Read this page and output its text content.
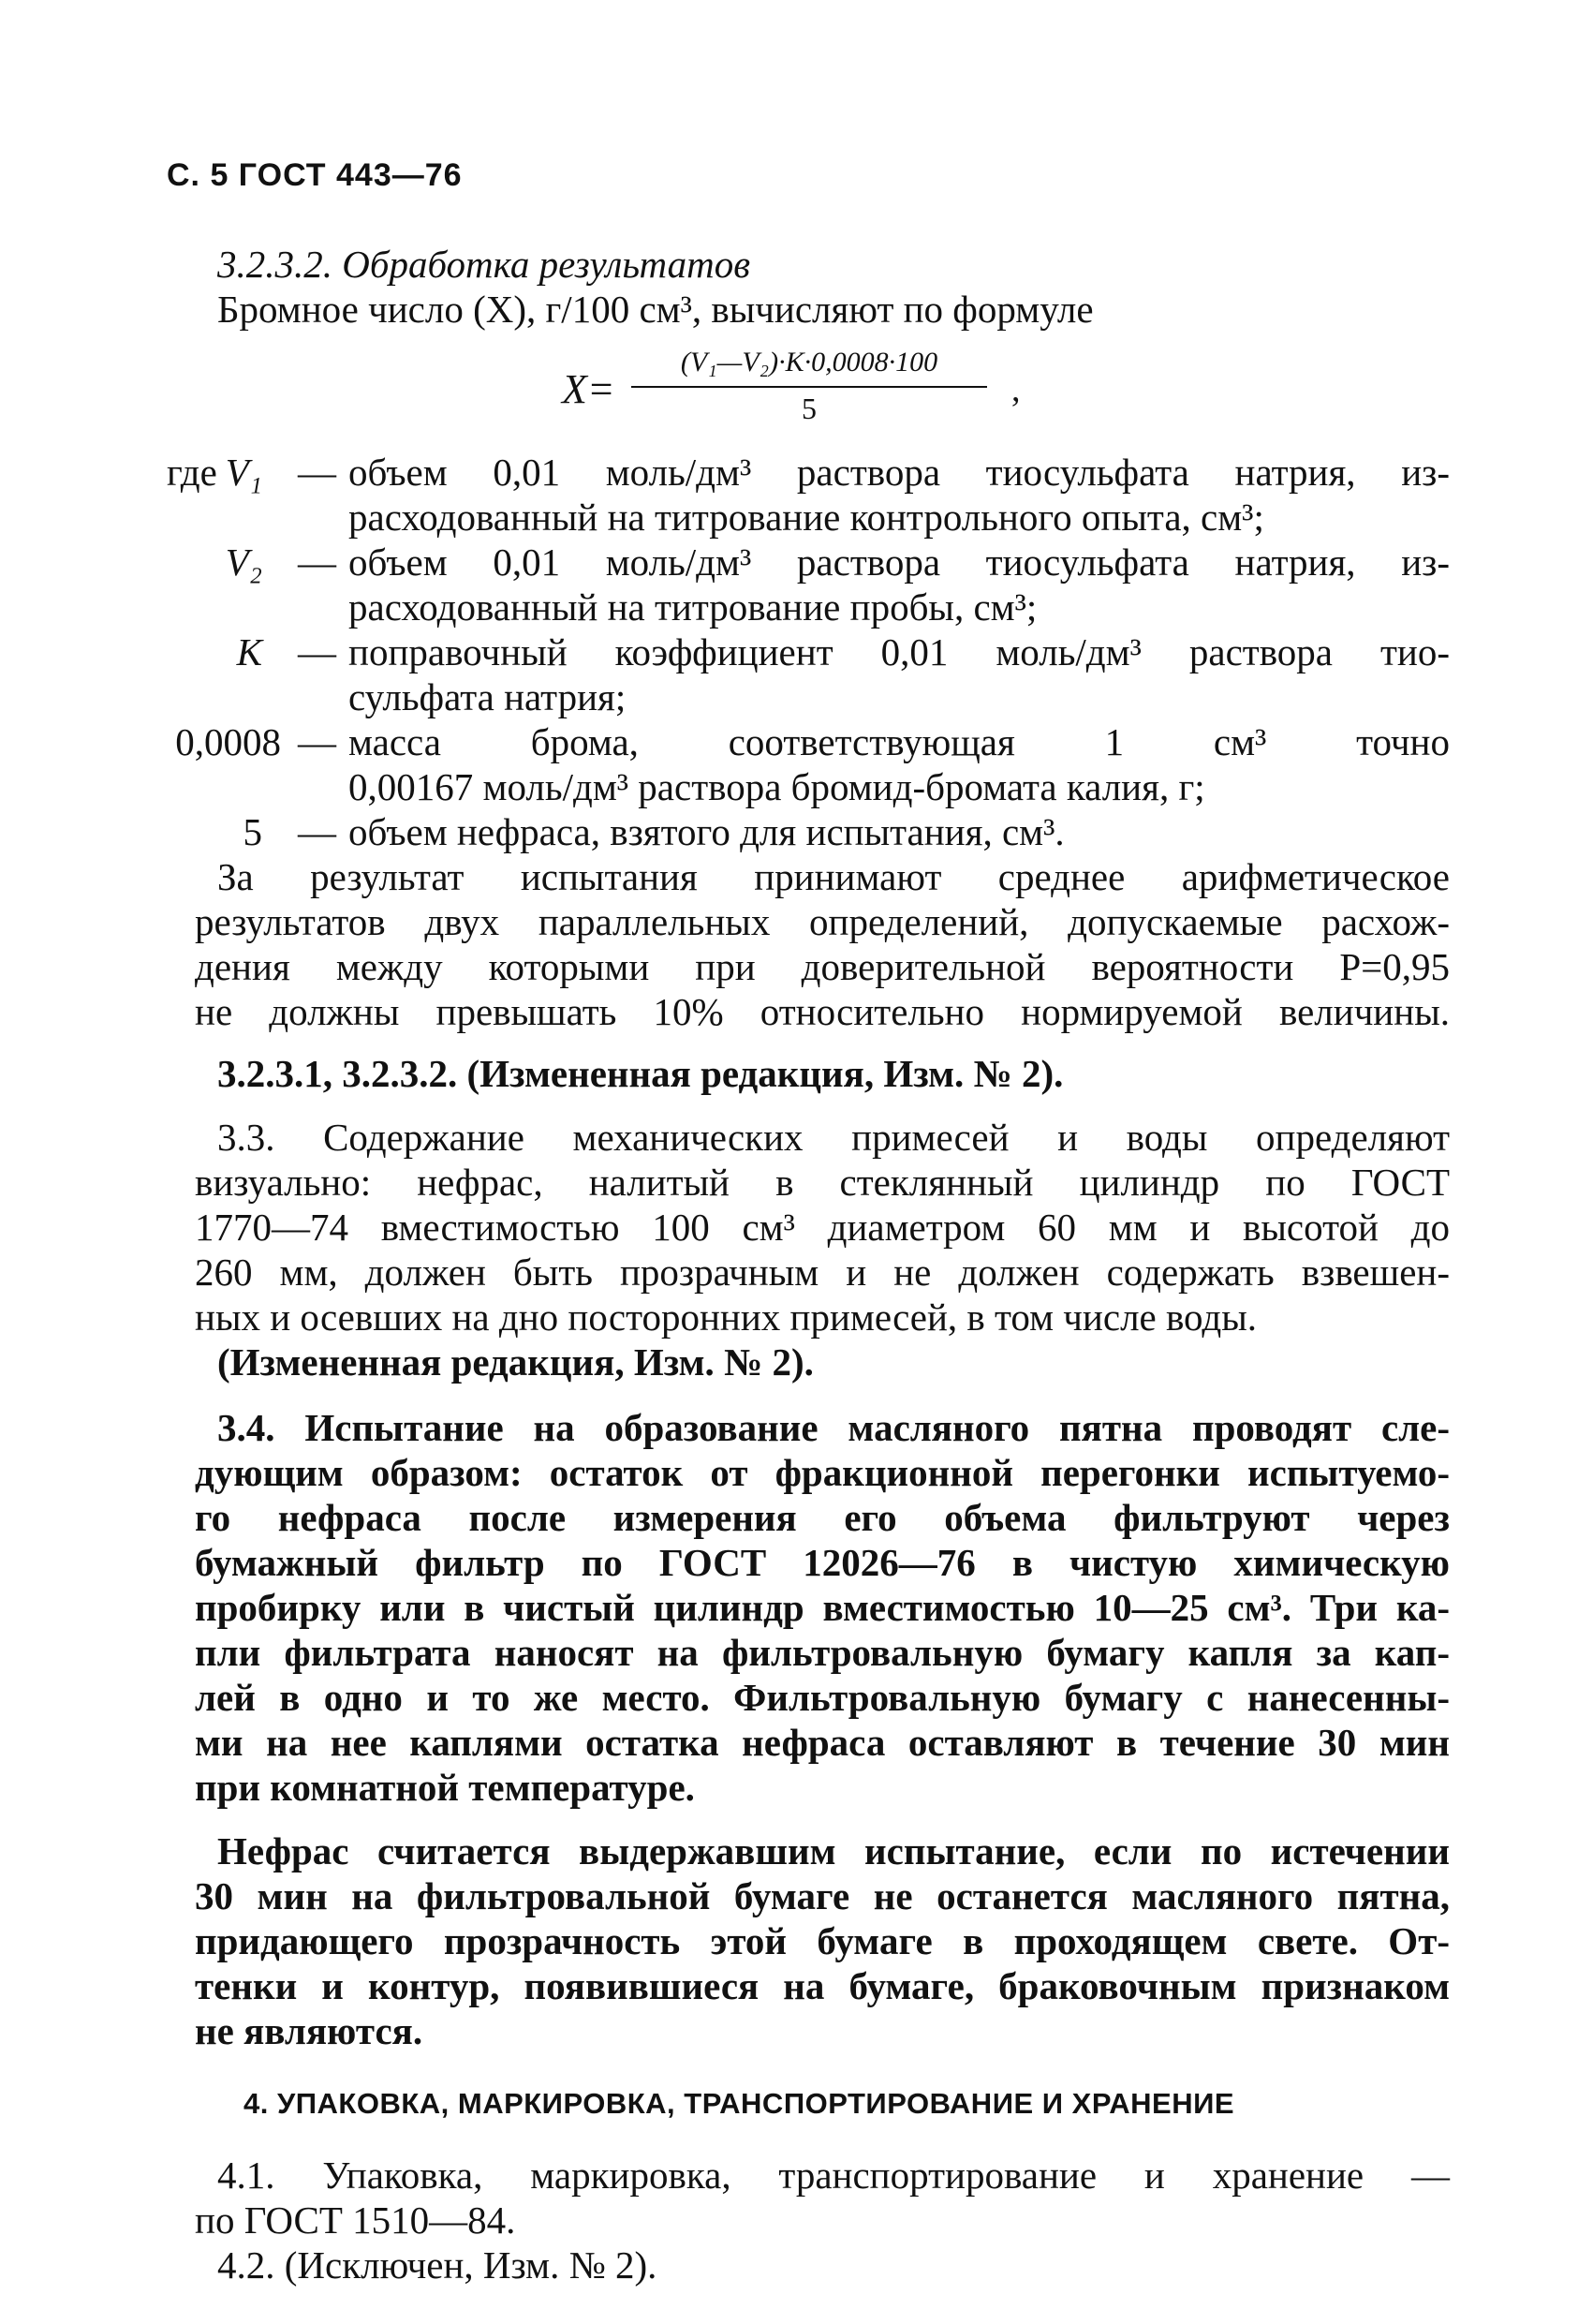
С. 5 ГОСТ 443—76
3.2.3.2. Обработка результатов
Бромное число (X), г/100 см³, вычисляют по формуле
X=
(V₁—V₂)·K·0,0008·100
5	,
где V₁ — объем 0,01 моль/дм³ раствора тиосульфата натрия, из-
расходованный на титрование контрольного опыта, см³;
V₂ — объем 0,01 моль/дм³ раствора тиосульфата натрия, из-
расходованный на титрование пробы, см³;
K — поправочный коэффициент 0,01 моль/дм³ раствора тио-
сульфата натрия;
0,0008 — масса брома, соответствующая 1 см³ точно
0,00167 моль/дм³ раствора бромид-бромата калия, г;
5 — объем нефраса, взятого для испытания, см³.
За результат испытания принимают среднее арифметическое
результатов двух параллельных определений, допускаемые расхож-
дения между которыми при доверительной вероятности P=0,95
не должны превышать 10% относительно нормируемой величины.
3.2.3.1, 3.2.3.2. (Измененная редакция, Изм. № 2).
3.3. Содержание механических примесей и воды определяют
визуально: нефрас, налитый в стеклянный цилиндр по ГОСТ
1770—74 вместимостью 100 см³ диаметром 60 мм и высотой до
260 мм, должен быть прозрачным и не должен содержать взвешен-
ных и осевших на дно посторонних примесей, в том числе воды.
(Измененная редакция, Изм. № 2).
3.4. Испытание на образование масляного пятна проводят сле-
дующим образом: остаток от фракционной перегонки испытуемо-
го нефраса после измерения его объема фильтруют через
бумажный фильтр по ГОСТ 12026—76 в чистую химическую
пробирку или в чистый цилиндр вместимостью 10—25 см³. Три ка-
пли фильтрата наносят на фильтровальную бумагу капля за кап-
лей в одно и то же место. Фильтровальную бумагу с нанесенны-
ми на нее каплями остатка нефраса оставляют в течение 30 мин
при комнатной температуре.
Нефрас считается выдержавшим испытание, если по истечении
30 мин на фильтровальной бумаге не останется масляного пятна,
придающего прозрачность этой бумаге в проходящем свете. От-
тенки и контур, появившиеся на бумаге, браковочным признаком
не являются.
4. УПАКОВКА, МАРКИРОВКА, ТРАНСПОРТИРОВАНИЕ И ХРАНЕНИЕ
4.1. Упаковка, маркировка, транспортирование и хранение —
по ГОСТ 1510—84.
4.2. (Исключен, Изм. № 2).
